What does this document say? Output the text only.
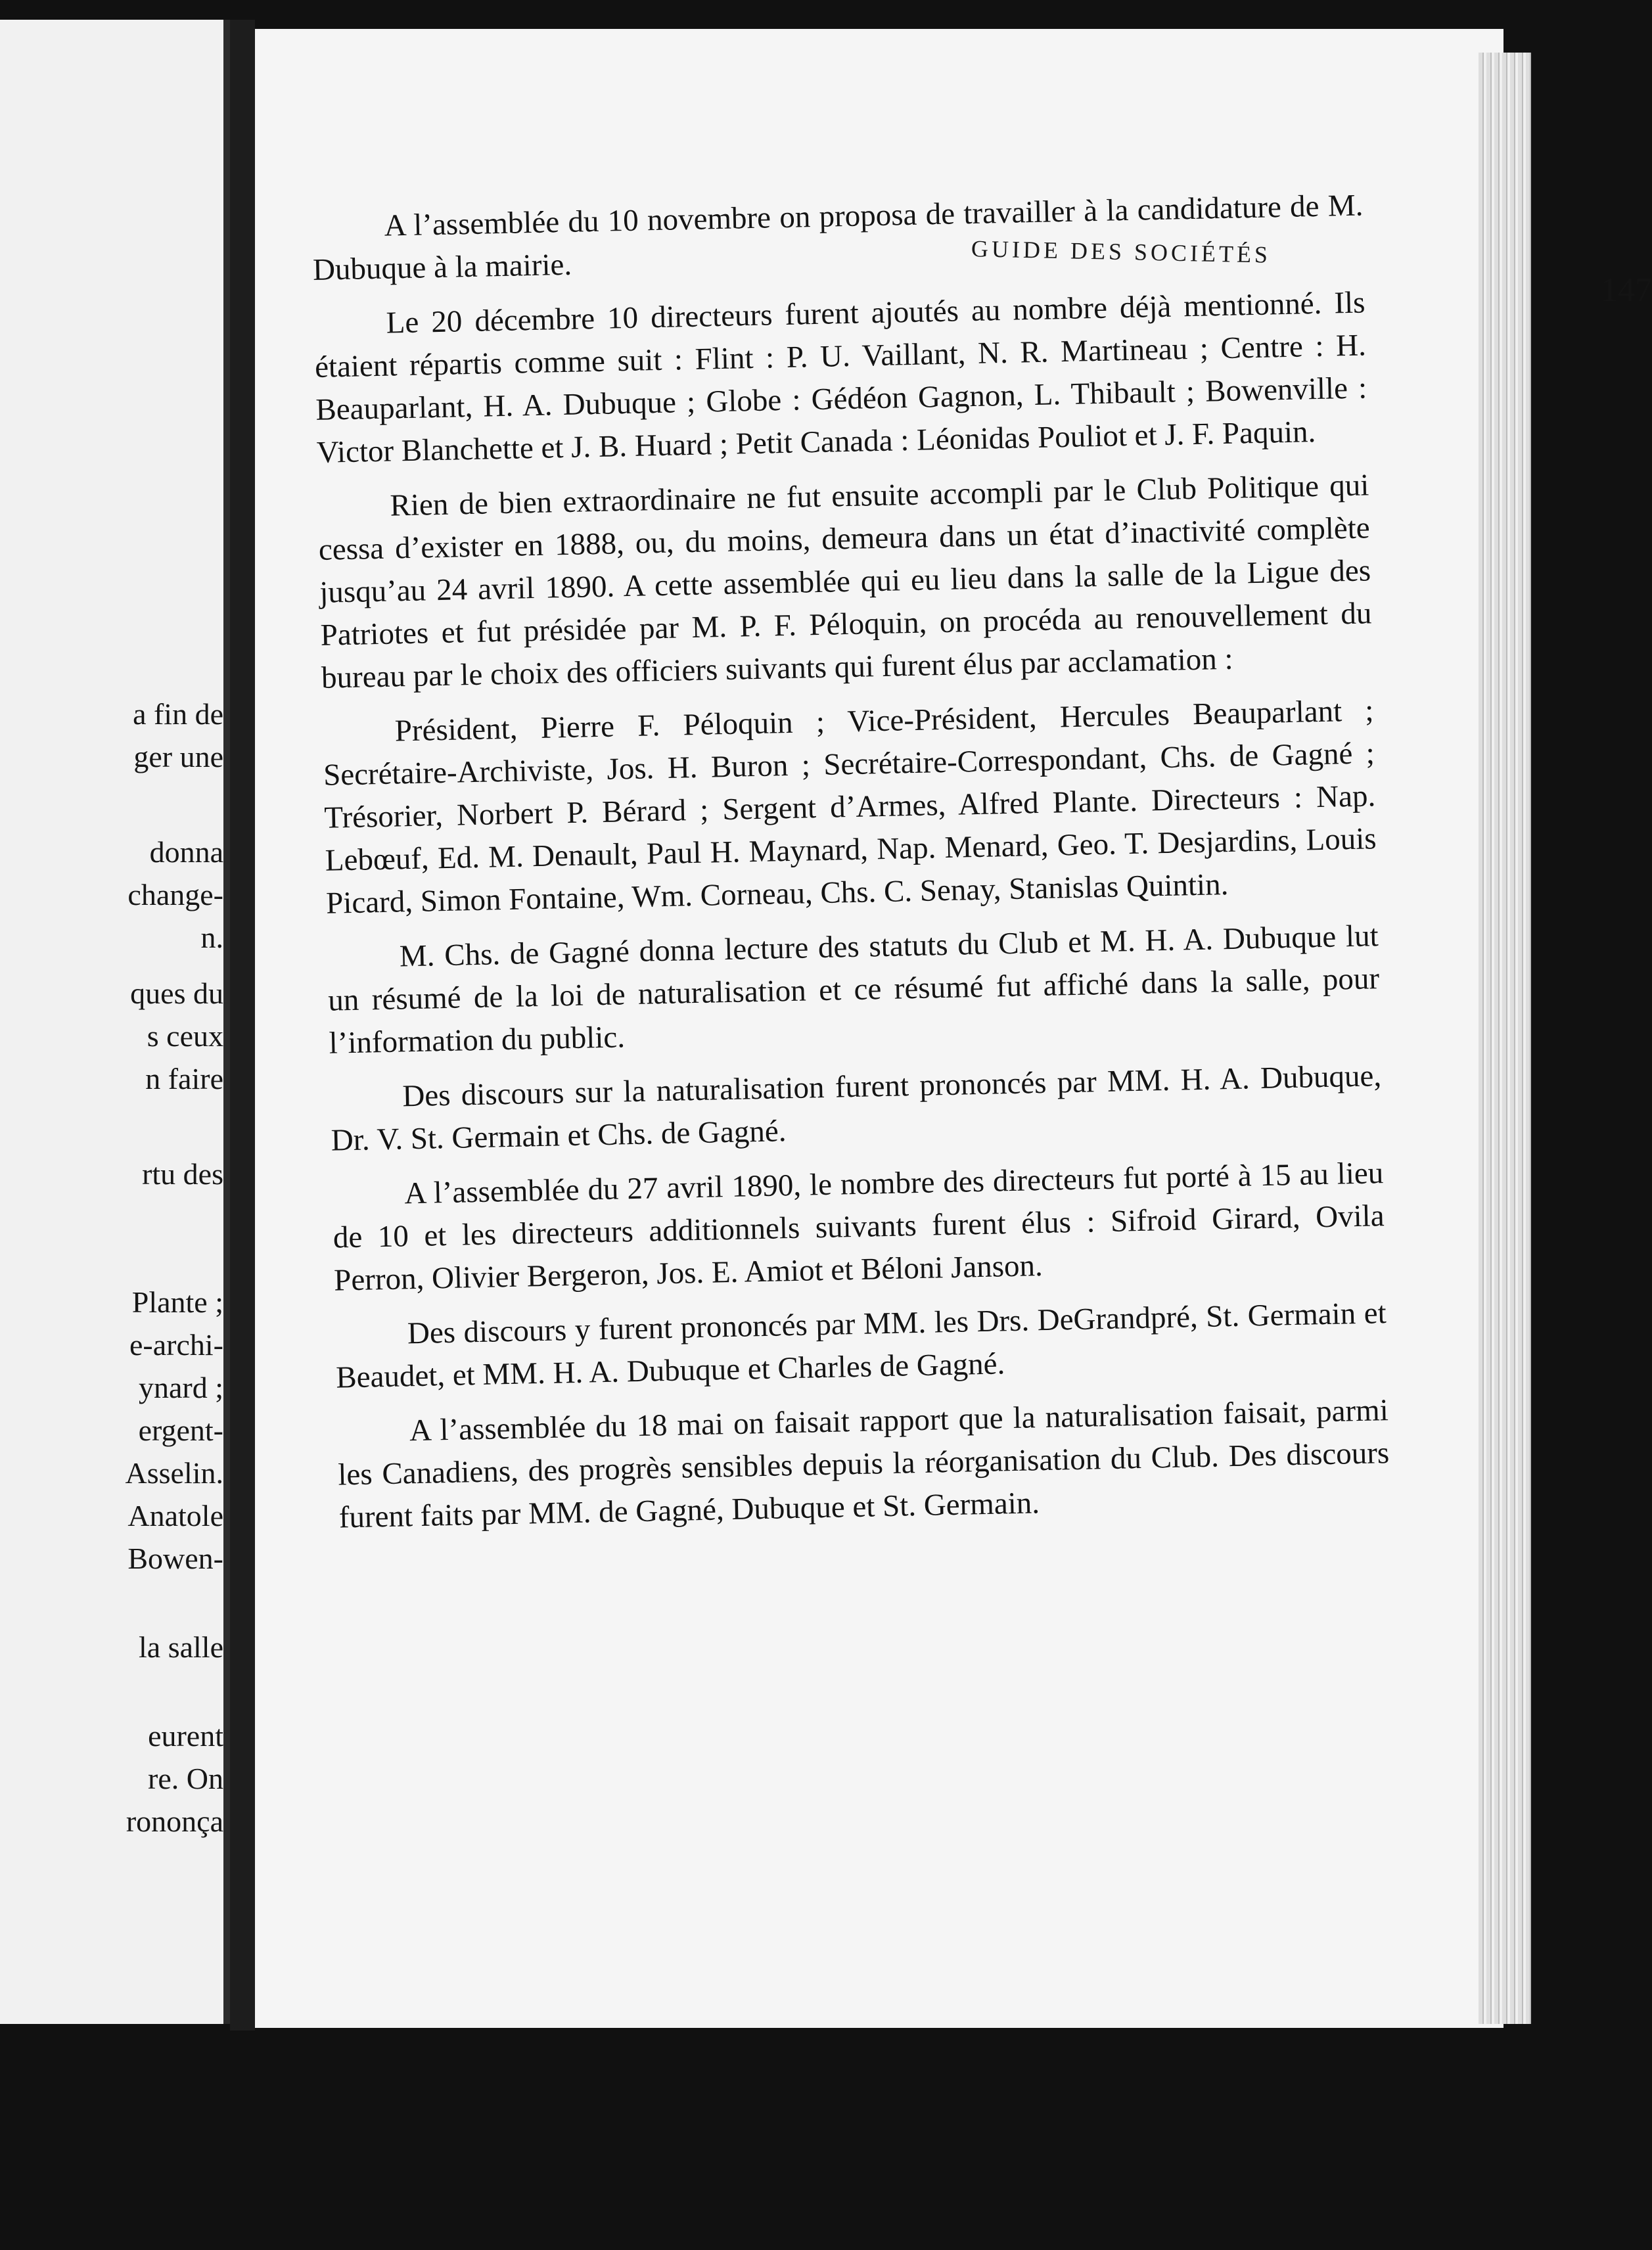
a fin de
ger une
donna
change-
n.
ques du
s ceux
n faire
rtu des
Plante ;
e-archi-
ynard ;
ergent-
Asselin.
Anatole
Bowen-
la salle
eurent
re. On
rononça
GUIDE DES SOCIÉTÉS
147

A l’assemblée du 10 novembre on proposa de travailler à la candidature de M. Dubuque à la mairie.

Le 20 décembre 10 directeurs furent ajoutés au nombre déjà mentionné. Ils étaient répartis comme suit : Flint : P. U. Vaillant, N. R. Martineau ; Centre : H. Beauparlant, H. A. Dubuque ; Globe : Gédéon Gagnon, L. Thibault ; Bowenville : Victor Blanchette et J. B. Huard ; Petit Canada : Léonidas Pouliot et J. F. Paquin.

Rien de bien extraordinaire ne fut ensuite accompli par le Club Politique qui cessa d’exister en 1888, ou, du moins, demeura dans un état d’inactivité complète jusqu’au 24 avril 1890. A cette assemblée qui eu lieu dans la salle de la Ligue des Patriotes et fut présidée par M. P. F. Péloquin, on procéda au renouvellement du bureau par le choix des officiers suivants qui furent élus par acclamation :

Président, Pierre F. Péloquin ; Vice-Président, Hercules Beauparlant ; Secrétaire-Archiviste, Jos. H. Buron ; Secrétaire-Correspondant, Chs. de Gagné ; Trésorier, Norbert P. Bérard ; Sergent d’Armes, Alfred Plante. Directeurs : Nap. Lebœuf, Ed. M. Denault, Paul H. Maynard, Nap. Menard, Geo. T. Desjardins, Louis Picard, Simon Fontaine, Wm. Corneau, Chs. C. Senay, Stanislas Quintin.

M. Chs. de Gagné donna lecture des statuts du Club et M. H. A. Dubuque lut un résumé de la loi de naturalisation et ce résumé fut affiché dans la salle, pour l’information du public.

Des discours sur la naturalisation furent prononcés par MM. H. A. Dubuque, Dr. V. St. Germain et Chs. de Gagné.

A l’assemblée du 27 avril 1890, le nombre des directeurs fut porté à 15 au lieu de 10 et les directeurs additionnels suivants furent élus : Sifroid Girard, Ovila Perron, Olivier Bergeron, Jos. E. Amiot et Béloni Janson.

Des discours y furent prononcés par MM. les Drs. DeGrandpré, St. Germain et Beaudet, et MM. H. A. Dubuque et Charles de Gagné.

A l’assemblée du 18 mai on faisait rapport que la naturalisation faisait, parmi les Canadiens, des progrès sensibles depuis la réorganisation du Club. Des discours furent faits par MM. de Gagné, Dubuque et St. Germain.
